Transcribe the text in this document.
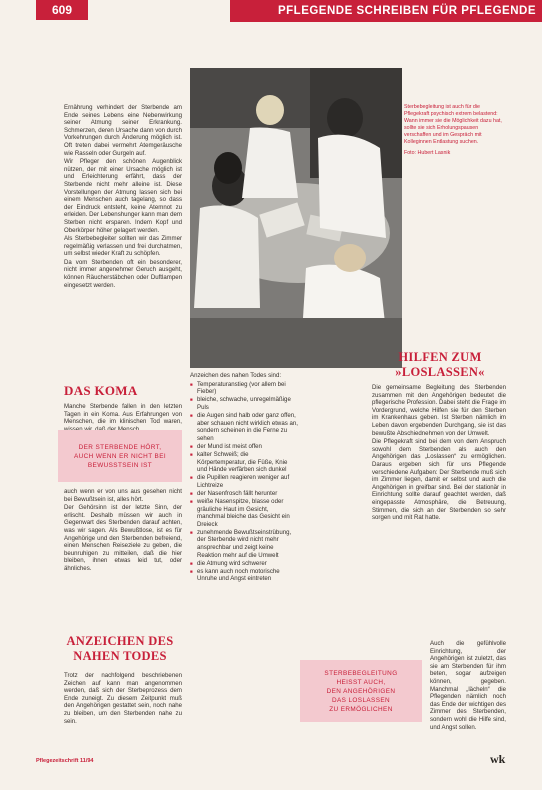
609	PFLEGENDE SCHREIBEN FÜR PFLEGENDE

Ernährung verhindert der Sterbende am Ende seines Lebens eine Nebenwirkung seiner Atmung seiner Erkrankung. Schmerzen, deren Ursache dann von durch Vorkehrungen durch Änderung möglich ist. Oft treten dabei vermehrt Atemgeräusche wie Rasseln oder Gurgeln auf.

Wir Pfleger den schönen Augenblick nützen, der mit einer Ursache möglich ist und Erleichterung erfährt, dass der Sterbende nicht mehr alleine ist. Diese Vorstellungen der Atmung lassen sich bei einem Menschen auch tagelang, so dass der Eindruck entsteht, keine Atemnot zu erleiden. Der Lebenshunger kann man dem Sterben nicht ersparen. Indem Kopf und Oberkörper höher gelagert werden.

Als Sterbebegleiter sollten wir das Zimmer regelmäßig verlassen und frei durchatmen, um selbst wieder Kraft zu schöpfen.

Da vom Sterbenden oft ein besonderer, nicht immer angenehmer Geruch ausgeht, können Räucherstäbchen oder Duftlampen eingesetzt werden.

DAS KOMA

Manche Sterbende fallen in den letzten Tagen in ein Koma. Aus Erfahrungen von Menschen, die im klinischen Tod waren,

DER STERBENDE HÖRT,
AUCH WENN ER NICHT BEI
BEWUSSTSEIN IST

auch wenn er von uns aus gesehen nicht bei Bewußtsein ist, alles hört.

Der Gehörsinn ist der letzte Sinn, der erlischt. Deshalb müssen wir auch in Gegenwart des Sterbenden darauf achten, was wir sagen. Als Bewußtlose, ist es für Angehörige und den Sterbenden befreiend, einen Menschen Reiseziele zu geben, die beunruhigen zu mitteilen, daß die hier bleiben, ihnen etwas leid tut, oder ähnliches.

ANZEICHEN DES
NAHEN TODES

Trotz der nachfolgend beschriebenen Zeichen auf kann man angenommen werden, daß sich der Sterbeprozess dem Ende zuneigt. Zu diesem Zeitpunkt muß den Angehörigen gestattet sein, noch nahe zu bleiben, um den Sterbenden nahe zu sein.

Sterbebegleitung ist auch für die Pflegekraft psychisch extrem belastend: Wann immer sie die Möglichkeit dazu hat, sollte sie sich Erholungspausen verschaffen und im Gespräch mit Kolleginnen Entlastung suchen.

Foto: Hubert Lasnik

Anzeichen des nahen Todes sind:

■ Temperaturanstieg (vor allem bei Fieber)
■ bleiche, schwache, unregelmäßige Puls
■ die Augen sind halb oder ganz offen, aber schauen nicht wirklich etwas an, sondern scheinen in die Ferne zu sehen
■ der Mund ist meist offen
■ kalter Schweiß; die Körpertemperatur, die Füße, Knie und Hände verfärben sich dunkel
■ die Pupillen reagieren weniger auf Lichtreize
■ der Nasenfrosch fällt herunter
■ weiße Nasenspitze, blasse oder gräuliche Haut im Gesicht, manchmal bleiche das Gesicht ein Dreieck
■ zunehmende Bewußtseinstrübung, der Sterbende wird nicht mehr ansprechbar und zeigt keine Reaktion mehr auf die Umwelt
■ die Atmung wird schwerer
■ es kann auch noch motorische Unruhe und Angst eintreten
HILFEN ZUM
»LOSLASSEN«

Die gemeinsame Begleitung des Sterbenden zusammen mit den Angehörigen bedeutet die pflegerische Profession. Dabei steht die Frage im Vordergrund, welche Hilfen sie für den Sterben im Krankenhaus geben. Ist Sterben nämlich im Leben davon ergebenden Durchgang, sie ist das bewußte Abschiednehmen von der Umwelt.

Die Pflegekraft sind bei dem von dem Anspruch sowohl dem Sterbenden als auch den Angehörigen das „Loslassen“ zu ermöglichen. Daraus ergeben sich für uns Pflegende verschiedene Aufgaben: Der Sterbende muß sich im Zimmer liegen, damit er selbst und auch die Angehörigen in greifbar sind. Bei der stationär in Einrichtung sollte darauf geachtet werden, daß eingepasste Atmosphäre, die Betreuung, Stimmen, die sich an der Sterbenden so sehr sorgen und mit Rat hatte.

Auch die gefühlvolle Einrichtung, der Angehörigen ist zuletzt, das sie am Sterbenden für ihm beten, sogar aufzeigen können, gegeben. Manchmal „lächeln“ die Pflegenden nämlich noch das Ende der wichtigen des Zimmer des Sterbenden, sondern wohl die Hilfe sind, und Angst sollen.

STERBEBEGLEITUNG
HEISST AUCH,
DEN ANGEHÖRIGEN
DAS LOSLASSEN
ZU ERMÖGLICHEN
Pflegezeitschrift 11/94	wk
